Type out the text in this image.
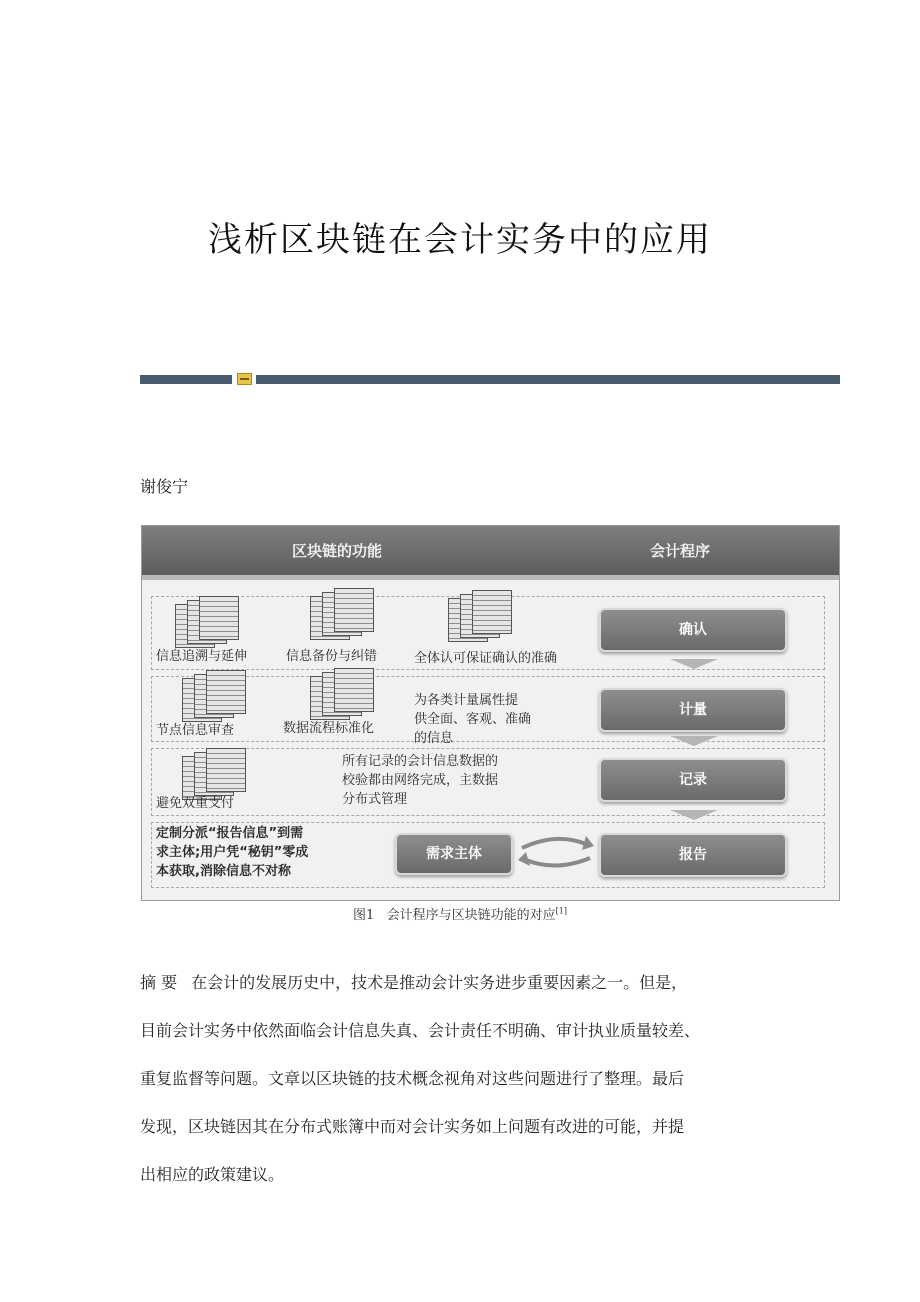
浅析区块链在会计实务中的应用
谢俊宁
区块链的功能	会计程序
信息追溯与延伸	信息备份与纠错	全体认可保证确认的准确
确认
节点信息审查	数据流程标准化
为各类计量属性提
供全面、客观、准确
的信息
计量
避免双重支付
所有记录的会计信息数据的
校验都由网络完成，主数据
分布式管理
记录
定制分派“报告信息”到需
求主体;用户凭“秘钥”零成
本获取,消除信息不对称
需求主体	报告
图1 会计程序与区块链功能的对应[1]
摘 要 在会计的发展历史中，技术是推动会计实务进步重要因素之一。但是，
目前会计实务中依然面临会计信息失真、会计责任不明确、审计执业质量较差、
重复监督等问题。文章以区块链的技术概念视角对这些问题进行了整理。最后
发现，区块链因其在分布式账簿中而对会计实务如上问题有改进的可能，并提
出相应的政策建议。
